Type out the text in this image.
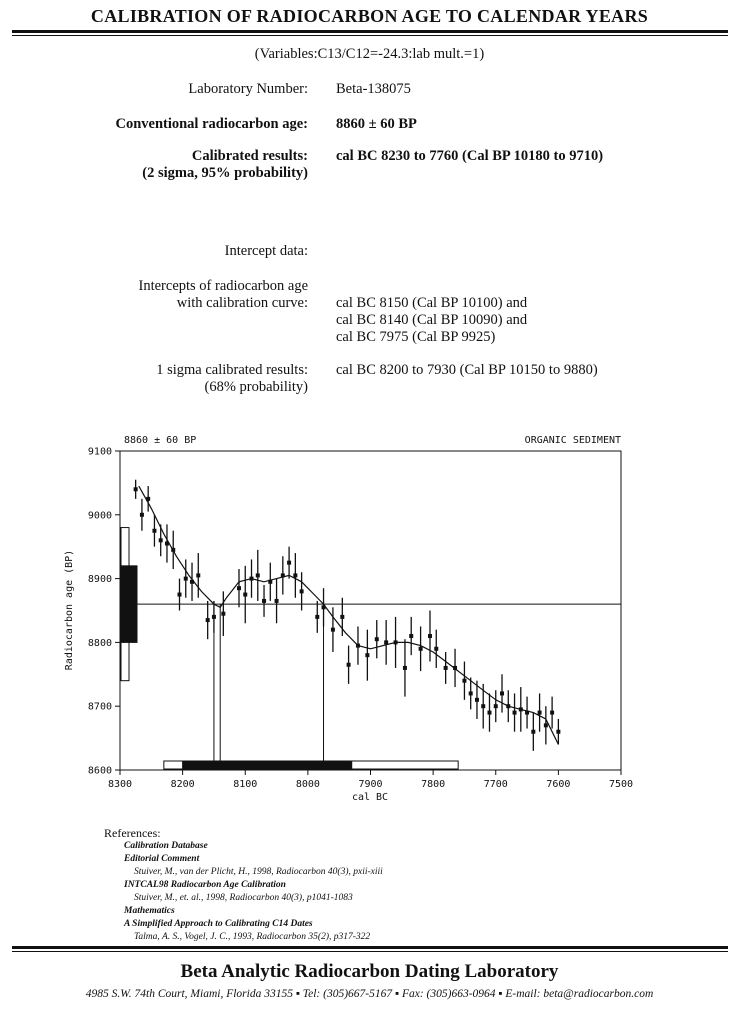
CALIBRATION OF RADIOCARBON AGE TO CALENDAR YEARS
(Variables:C13/C12=-24.3:lab mult.=1)
Laboratory Number: Beta-138075
Conventional radiocarbon age: 8860 ± 60 BP
Calibrated results:
(2 sigma, 95% probability)
cal BC 8230 to 7760 (Cal BP 10180 to 9710)
Intercept data:
Intercepts of radiocarbon age
with calibration curve: cal BC 8150 (Cal BP 10100) and
cal BC 8140 (Cal BP 10090) and
cal BC 7975 (Cal BP 9925)
1 sigma calibrated results:
(68% probability)
cal BC 8200 to 7930 (Cal BP 10150 to 9880)
8600
8700
8800
8900
9000
9100
8300	8200	8100	8000	7900	7800	7700	7600	7500
8860 ± 60 BP	ORGANIC SEDIMENT
cal BC
Radiocarbon age (BP)
References:
Calibration Database
Editorial Comment
Stuiver, M., van der Plicht, H., 1998, Radiocarbon 40(3), pxii-xiii
INTCAL98 Radiocarbon Age Calibration
Stuiver, M., et. al., 1998, Radiocarbon 40(3), p1041-1083
Mathematics
A Simplified Approach to Calibrating C14 Dates
Talma, A. S., Vogel, J. C., 1993, Radiocarbon 35(2), p317-322
Beta Analytic Radiocarbon Dating Laboratory
4985 S.W. 74th Court, Miami, Florida 33155 ▪ Tel: (305)667-5167 ▪ Fax: (305)663-0964 ▪ E-mail: beta@radiocarbon.com
